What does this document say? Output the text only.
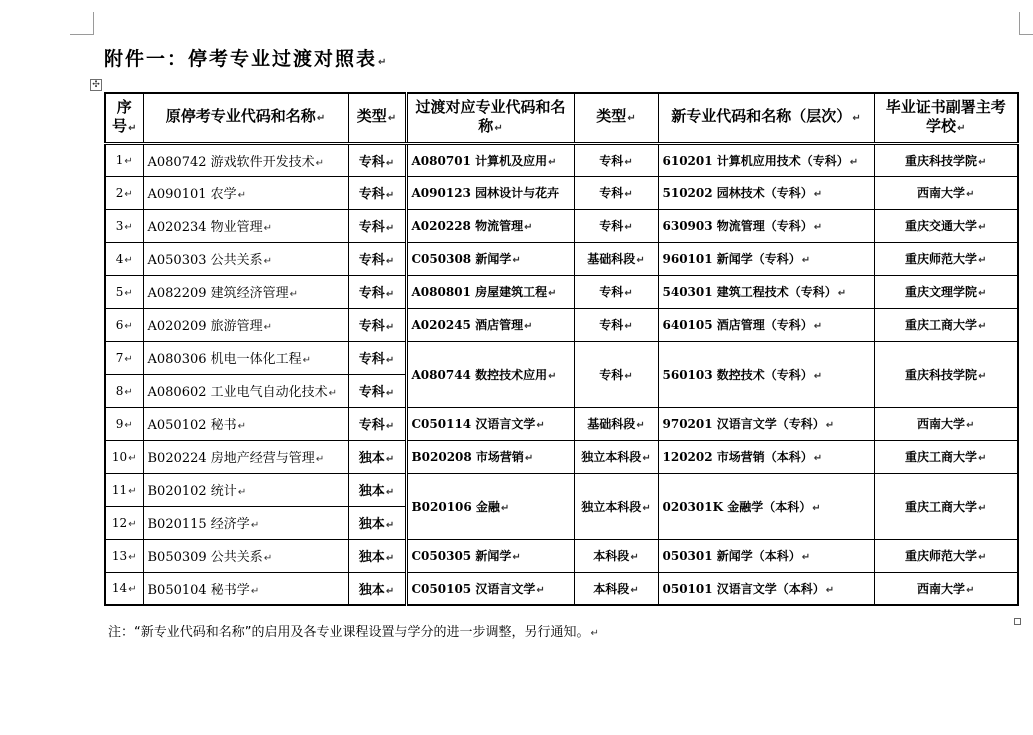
附件一：停考专业过渡对照表↵
✣
序号↵	原停考专业代码和名称↵	类型↵	过渡对应专业代码和名称↵	类型↵	新专业代码和名称（层次）↵	毕业证书副署主考学校↵
1↵	A080742 游戏软件开发技术↵	专科↵	A080701 计算机及应用↵	专科↵	610201 计算机应用技术（专科）↵	重庆科技学院↵
2↵	A090101 农学↵	专科↵	A090123 园林设计与花卉	专科↵	510202 园林技术（专科）↵	西南大学↵
3↵	A020234 物业管理↵	专科↵	A020228 物流管理↵	专科↵	630903 物流管理（专科）↵	重庆交通大学↵
4↵	A050303 公共关系↵	专科↵	C050308 新闻学↵	基础科段↵	960101 新闻学（专科）↵	重庆师范大学↵
5↵	A082209 建筑经济管理↵	专科↵	A080801 房屋建筑工程↵	专科↵	540301 建筑工程技术（专科）↵	重庆文理学院↵
6↵	A020209 旅游管理↵	专科↵	A020245 酒店管理↵	专科↵	640105 酒店管理（专科）↵	重庆工商大学↵
7↵	A080306 机电一体化工程↵	专科↵	A080744 数控技术应用↵	专科↵	560103 数控技术（专科）↵	重庆科技学院↵
8↵	A080602 工业电气自动化技术↵	专科↵				
9↵	A050102 秘书↵	专科↵	C050114 汉语言文学↵	基础科段↵	970201 汉语言文学（专科）↵	西南大学↵
10↵	B020224 房地产经营与管理↵	独本↵	B020208 市场营销↵	独立本科段↵	120202 市场营销（本科）↵	重庆工商大学↵
11↵	B020102 统计↵	独本↵	B020106 金融↵	独立本科段↵	020301K 金融学（本科）↵	重庆工商大学↵
12↵	B020115 经济学↵	独本↵				
13↵	B050309 公共关系↵	独本↵	C050305 新闻学↵	本科段↵	050301 新闻学（本科）↵	重庆师范大学↵
14↵	B050104 秘书学↵	独本↵	C050105 汉语言文学↵	本科段↵	050101 汉语言文学（本科）↵	西南大学↵
注：“新专业代码和名称”的启用及各专业课程设置与学分的进一步调整，另行通知。↵
